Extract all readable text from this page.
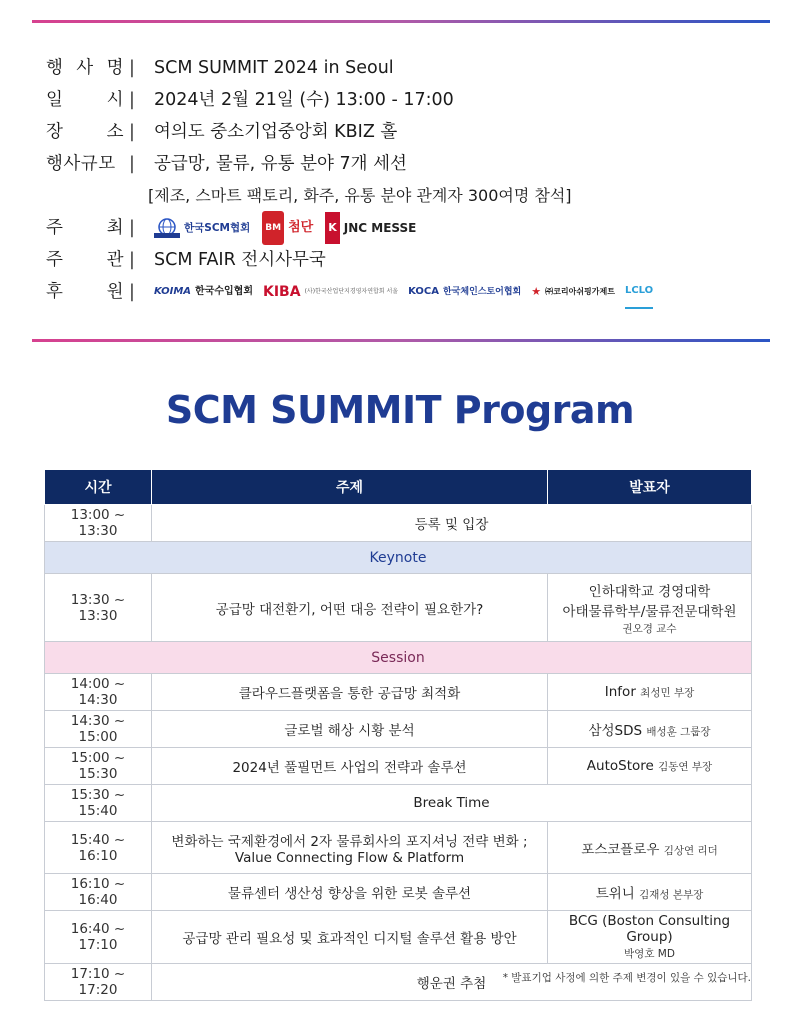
행 사 명 | SCM SUMMIT 2024 in Seoul
일 시 | 2024년 2월 21일 (수) 13:00 - 17:00
장 소 | 여의도 중소기업중앙회 KBIZ 홀
행사규모 | 공급망, 물류, 유통 분야 7개 세션
[제조, 스마트 팩토리, 화주, 유통 분야 관계자 300여명 참석]
주 최 |	한국SCM협회	BM 첨단 K JNC MESSE
주 관 | SCM FAIR 전시사무국
후 원 | KOIMA 한국수입협회 KIBA (사)한국산업단지경영자연합회 서울 KOCA 한국체인스토어협회 ★ ㈜코리아쉬핑가제트 LCLO
SCM SUMMIT Program
시간	주제	발표자
13:00 ~ 13:30	등록 및 입장	
Keynote		
13:30 ~ 13:30	공급망 대전환기, 어떤 대응 전략이 필요한가?	인하대학교 경영대학
아태물류학부/물류전문대학원
권오경 교수
Session		
14:00 ~ 14:30	클라우드플랫폼을 통한 공급망 최적화	Infor 최성민 부장
14:30 ~ 15:00	글로벌 해상 시황 분석	삼성SDS 배성훈 그룹장
15:00 ~ 15:30	2024년 풀필먼트 사업의 전략과 솔루션	AutoStore 김동연 부장
15:30 ~ 15:40	Break Time	
15:40 ~ 16:10	변화하는 국제환경에서 2자 물류회사의 포지셔닝 전략 변화 ;
Value Connecting Flow & Platform	포스코플로우 김상연 리더
16:10 ~ 16:40	물류센터 생산성 향상을 위한 로봇 솔루션	트위니 김재성 본부장
16:40 ~ 17:10	공급망 관리 필요성 및 효과적인 디지털 솔루션 활용 방안	BCG (Boston Consulting Group)
박영호 MD
17:10 ~ 17:20	행운권 추첨	* 발표기업 사정에 의한 주제 변경이 있을 수 있습니다.
